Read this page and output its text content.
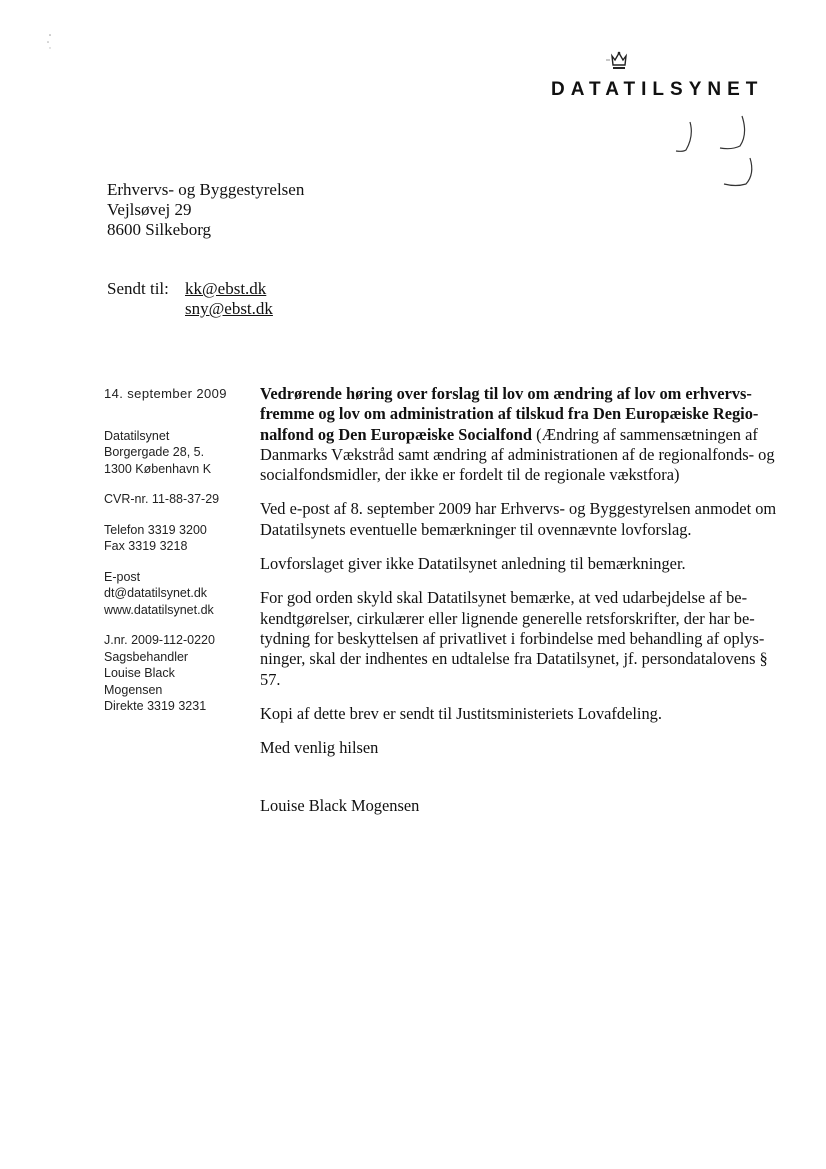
DATATILSYNET
Erhvervs- og Byggestyrelsen
Vejlsøvej 29
8600 Silkeborg
Sendt til: kk@ebst.dk
sny@ebst.dk
14. september 2009
Datatilsynet
Borgergade 28, 5.
1300 København K
CVR-nr. 11-88-37-29
Telefon 3319 3200
Fax 3319 3218
E-post
dt@datatilsynet.dk
www.datatilsynet.dk
J.nr. 2009-112-0220
Sagsbehandler
Louise Black
Mogensen
Direkte 3319 3231

Vedrørende høring over forslag til lov om ændring af lov om erhvervs-fremme og lov om administration af tilskud fra Den Europæiske Regio-nalfond og Den Europæiske Socialfond (Ændring af sammensætningen af Danmarks Vækstråd samt ændring af administrationen af de regionalfonds- og socialfondsmidler, der ikke er fordelt til de regionale vækstfora)

Ved e-post af 8. september 2009 har Erhvervs- og Byggestyrelsen anmodet om Datatilsynets eventuelle bemærkninger til ovennævnte lovforslag.

Lovforslaget giver ikke Datatilsynet anledning til bemærkninger.

For god orden skyld skal Datatilsynet bemærke, at ved udarbejdelse af be-kendtgørelser, cirkulærer eller lignende generelle retsforskrifter, der har be-tydning for beskyttelsen af privatlivet i forbindelse med behandling af oplys-ninger, skal der indhentes en udtalelse fra Datatilsynet, jf. persondatalovens § 57.

Kopi af dette brev er sendt til Justitsministeriets Lovafdeling.

Med venlig hilsen

Louise Black Mogensen
